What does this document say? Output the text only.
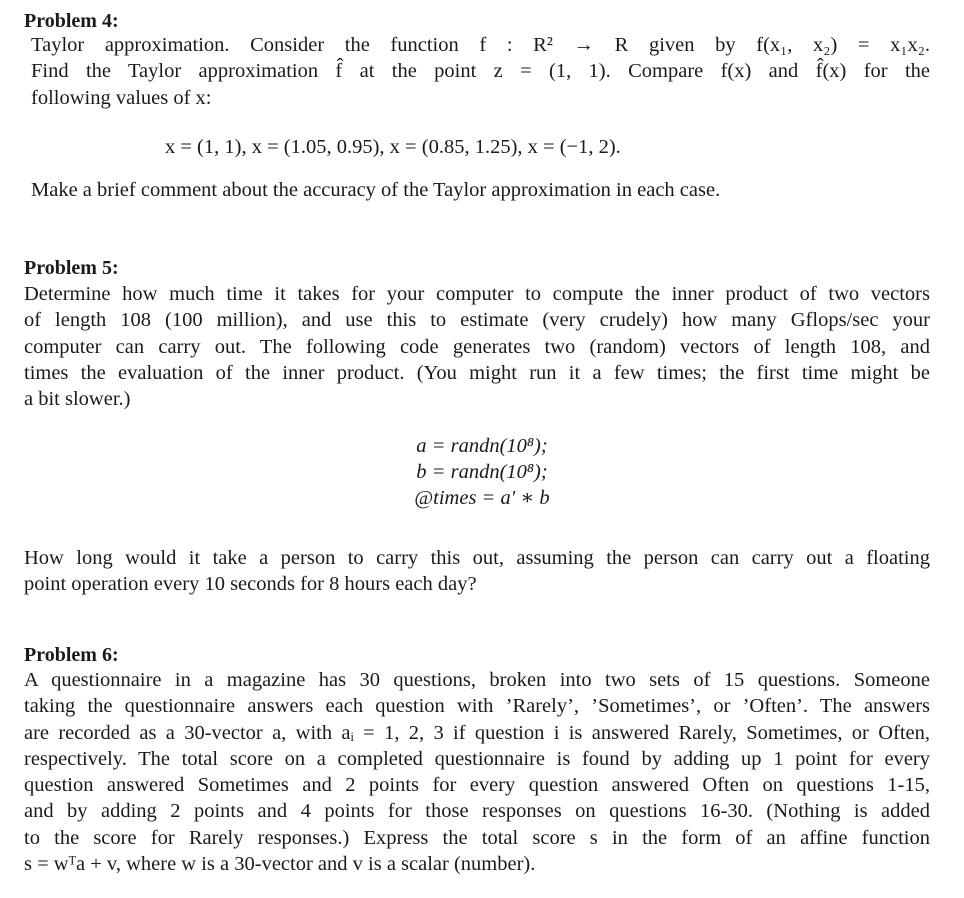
Problem 4:
Taylor approximation. Consider the function f : R² → R given by f(x₁, x₂) = x₁x₂.
Find the Taylor approximation f̂ at the point z = (1, 1). Compare f(x) and f̂(x) for the
following values of x:
x = (1, 1), x = (1.05, 0.95), x = (0.85, 1.25), x = (−1, 2).
Make a brief comment about the accuracy of the Taylor approximation in each case.
Problem 5:
Determine how much time it takes for your computer to compute the inner product of two vectors
of length 108 (100 million), and use this to estimate (very crudely) how many Gflops/sec your
computer can carry out. The following code generates two (random) vectors of length 108, and
times the evaluation of the inner product. (You might run it a few times; the first time might be
a bit slower.)
a = randn(10⁸);
b = randn(10⁸);
@times = a′ ∗ b
How long would it take a person to carry this out, assuming the person can carry out a floating
point operation every 10 seconds for 8 hours each day?
Problem 6:
A questionnaire in a magazine has 30 questions, broken into two sets of 15 questions. Someone
taking the questionnaire answers each question with ’Rarely’, ’Sometimes’, or ’Often’. The answers
are recorded as a 30-vector a, with aᵢ = 1, 2, 3 if question i is answered Rarely, Sometimes, or Often,
respectively. The total score on a completed questionnaire is found by adding up 1 point for every
question answered Sometimes and 2 points for every question answered Often on questions 1-15,
and by adding 2 points and 4 points for those responses on questions 16-30. (Nothing is added
to the score for Rarely responses.) Express the total score s in the form of an affine function
s = wᵀa + v, where w is a 30-vector and v is a scalar (number).
